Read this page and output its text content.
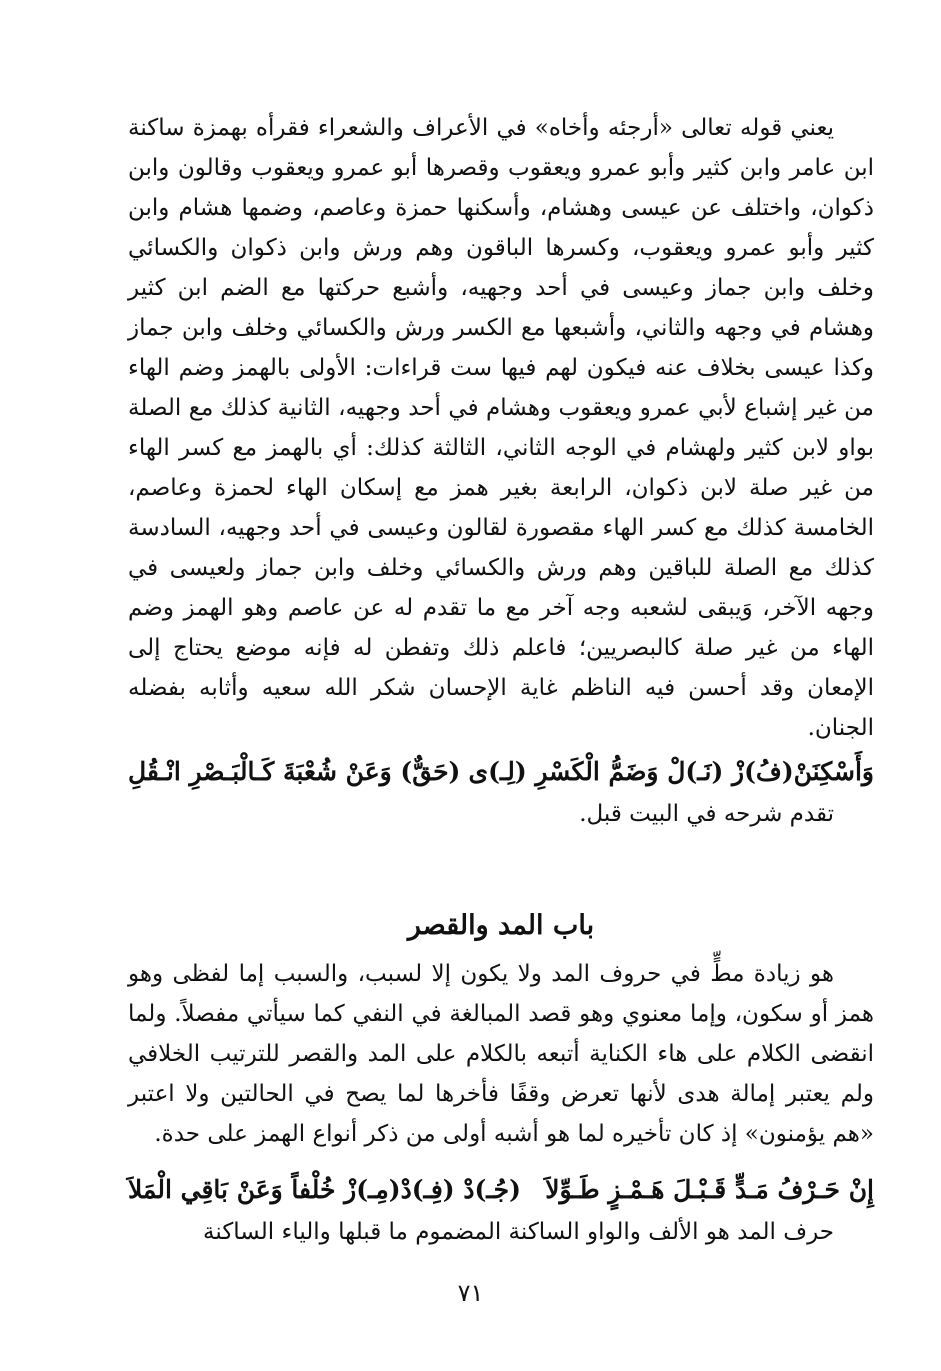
يعني قوله تعالى «أرجئه وأخاه» في الأعراف والشعراء فقرأه بهمزة ساكنة ابن عامر وابن كثير وأبو عمرو ويعقوب وقصرها أبو عمرو ويعقوب وقالون وابن ذكوان، واختلف عن عيسى وهشام، وأسكنها حمزة وعاصم، وضمها هشام وابن كثير وأبو عمرو ويعقوب، وكسرها الباقون وهم ورش وابن ذكوان والكسائي وخلف وابن جماز وعيسى في أحد وجهيه، وأشبع حركتها مع الضم ابن كثير وهشام في وجهه والثاني، وأشبعها مع الكسر ورش والكسائي وخلف وابن جماز وكذا عيسى بخلاف عنه فيكون لهم فيها ست قراءات: الأولى بالهمز وضم الهاء من غير إشباع لأبي عمرو ويعقوب وهشام في أحد وجهيه، الثانية كذلك مع الصلة بواو لابن كثير ولهشام في الوجه الثاني، الثالثة كذلك: أي بالهمز مع كسر الهاء من غير صلة لابن ذكوان، الرابعة بغير همز مع إسكان الهاء لحمزة وعاصم، الخامسة كذلك مع كسر الهاء مقصورة لقالون وعيسى في أحد وجهيه، السادسة كذلك مع الصلة للباقين وهم ورش والكسائي وخلف وابن جماز ولعيسى في وجهه الآخر، وَيبقى لشعبه وجه آخر مع ما تقدم له عن عاصم وهو الهمز وضم الهاء من غير صلة كالبصريين؛ فاعلم ذلك وتفطن له فإنه موضع يحتاج إلى الإمعان وقد أحسن فيه الناظم غاية الإحسان شكر الله سعيه وأثابه بفضله الجنان.

وَأَسْكِنَنْ(فُ)زْ (نَـ)لْ وَضَمُّ الْكَسْرِ (لِـ)ى
(حَقٌّ) وَعَنْ شُعْبَةَ كَـالْبَـصْرِ انْـقُلِ

تقدم شرحه في البيت قبل.

باب المد والقصر

هو زيادة مطٍّ في حروف المد ولا يكون إلا لسبب، والسبب إما لفظى وهو همز أو سكون، وإما معنوي وهو قصد المبالغة في النفي كما سيأتي مفصلاً. ولما انقضى الكلام على هاء الكناية أتبعه بالكلام على المد والقصر للترتيب الخلافي ولم يعتبر إمالة هدى لأنها تعرض وقفًا فأخرها لما يصح في الحالتين ولا اعتبر «هم يؤمنون» إذ كان تأخيره لما هو أشبه أولى من ذكر أنواع الهمز على حدة.

إِنْ حَـرْفُ مَـدٍّ قَـبْـلَ هَـمْـزٍ طَـوِّلاَ
(جُـ)دْ (فِـ)دْ(مِـ)زْ خُلْفاً وَعَنْ بَاقِي الْمَلاَ

حرف المد هو الألف والواو الساكنة المضموم ما قبلها والياء الساكنة

٧١
